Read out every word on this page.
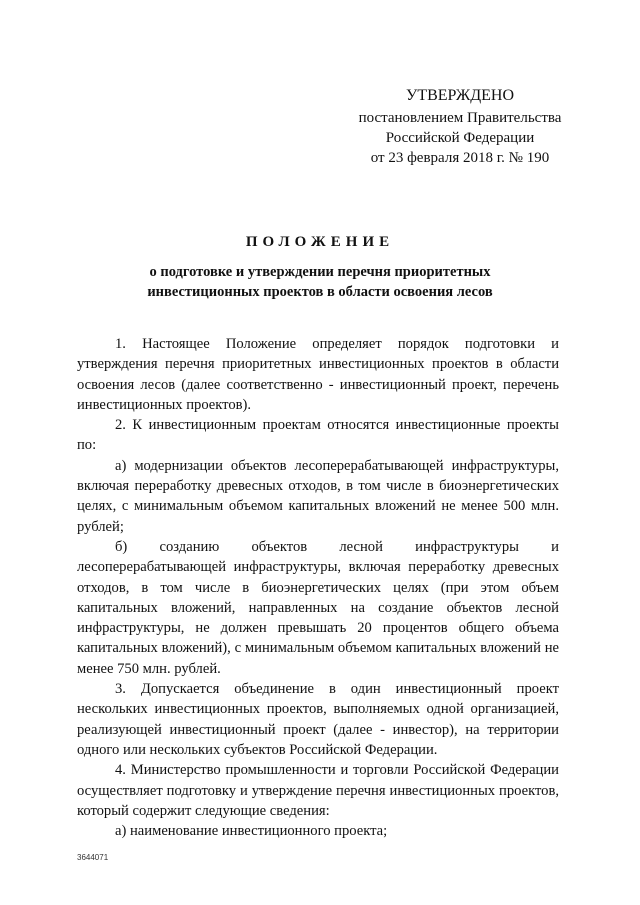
УТВЕРЖДЕНО
постановлением Правительства
Российской Федерации
от 23 февраля 2018 г. № 190
ПОЛОЖЕНИЕ
о подготовке и утверждении перечня приоритетных
инвестиционных проектов в области освоения лесов

1. Настоящее Положение определяет порядок подготовки и утверждения перечня приоритетных инвестиционных проектов в области освоения лесов (далее соответственно - инвестиционный проект, перечень инвестиционных проектов).

2. К инвестиционным проектам относятся инвестиционные проекты по:

а) модернизации объектов лесоперерабатывающей инфраструктуры, включая переработку древесных отходов, в том числе в биоэнергетических целях, с минимальным объемом капитальных вложений не менее 500 млн. рублей;

б) созданию объектов лесной инфраструктуры и лесоперерабатывающей инфраструктуры, включая переработку древесных отходов, в том числе в биоэнергетических целях (при этом объем капитальных вложений, направленных на создание объектов лесной инфраструктуры, не должен превышать 20 процентов общего объема капитальных вложений), с минимальным объемом капитальных вложений не менее 750 млн. рублей.

3. Допускается объединение в один инвестиционный проект нескольких инвестиционных проектов, выполняемых одной организацией, реализующей инвестиционный проект (далее - инвестор), на территории одного или нескольких субъектов Российской Федерации.

4. Министерство промышленности и торговли Российской Федерации осуществляет подготовку и утверждение перечня инвестиционных проектов, который содержит следующие сведения:

а) наименование инвестиционного проекта;

3644071
